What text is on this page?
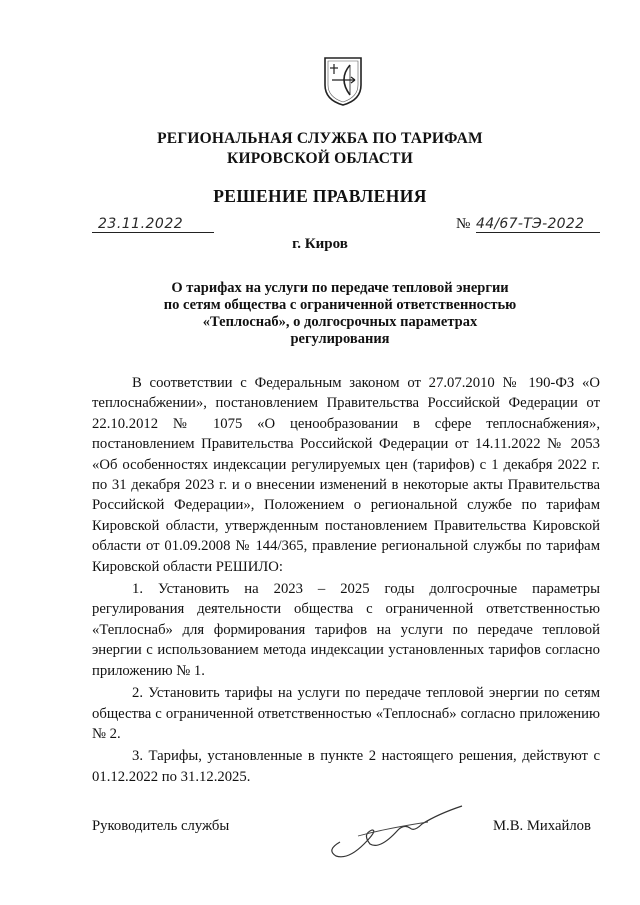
РЕГИОНАЛЬНАЯ СЛУЖБА ПО ТАРИФАМ
КИРОВСКОЙ ОБЛАСТИ
РЕШЕНИЕ ПРАВЛЕНИЯ
23.11.2022	№ 44/67-ТЭ-2022
г. Киров
О тарифах на услуги по передаче тепловой энергии
по сетям общества с ограниченной ответственностью
«Теплоснаб», о долгосрочных параметрах
регулирования

В соответствии с Федеральным законом от 27.07.2010 № 190-ФЗ «О теплоснабжении», постановлением Правительства Российской Федерации от 22.10.2012 № 1075 «О ценообразовании в сфере теплоснабжения», постановлением Правительства Российской Федерации от 14.11.2022 № 2053 «Об особенностях индексации регулируемых цен (тарифов) с 1 декабря 2022 г. по 31 декабря 2023 г. и о внесении изменений в некоторые акты Правительства Российской Федерации», Положением о региональной службе по тарифам Кировской области, утвержденным постановлением Правительства Кировской области от 01.09.2008 № 144/365, правление региональной службы по тарифам Кировской области РЕШИЛО:

1. Установить на 2023 – 2025 годы долгосрочные параметры регулирования деятельности общества с ограниченной ответственностью «Теплоснаб» для формирования тарифов на услуги по передаче тепловой энергии с использованием метода индексации установленных тарифов согласно приложению № 1.

2. Установить тарифы на услуги по передаче тепловой энергии по сетям общества с ограниченной ответственностью «Теплоснаб» согласно приложению № 2.

3. Тарифы, установленные в пункте 2 настоящего решения, действуют с 01.12.2022 по 31.12.2025.

Руководитель службы	М.В. Михайлов
